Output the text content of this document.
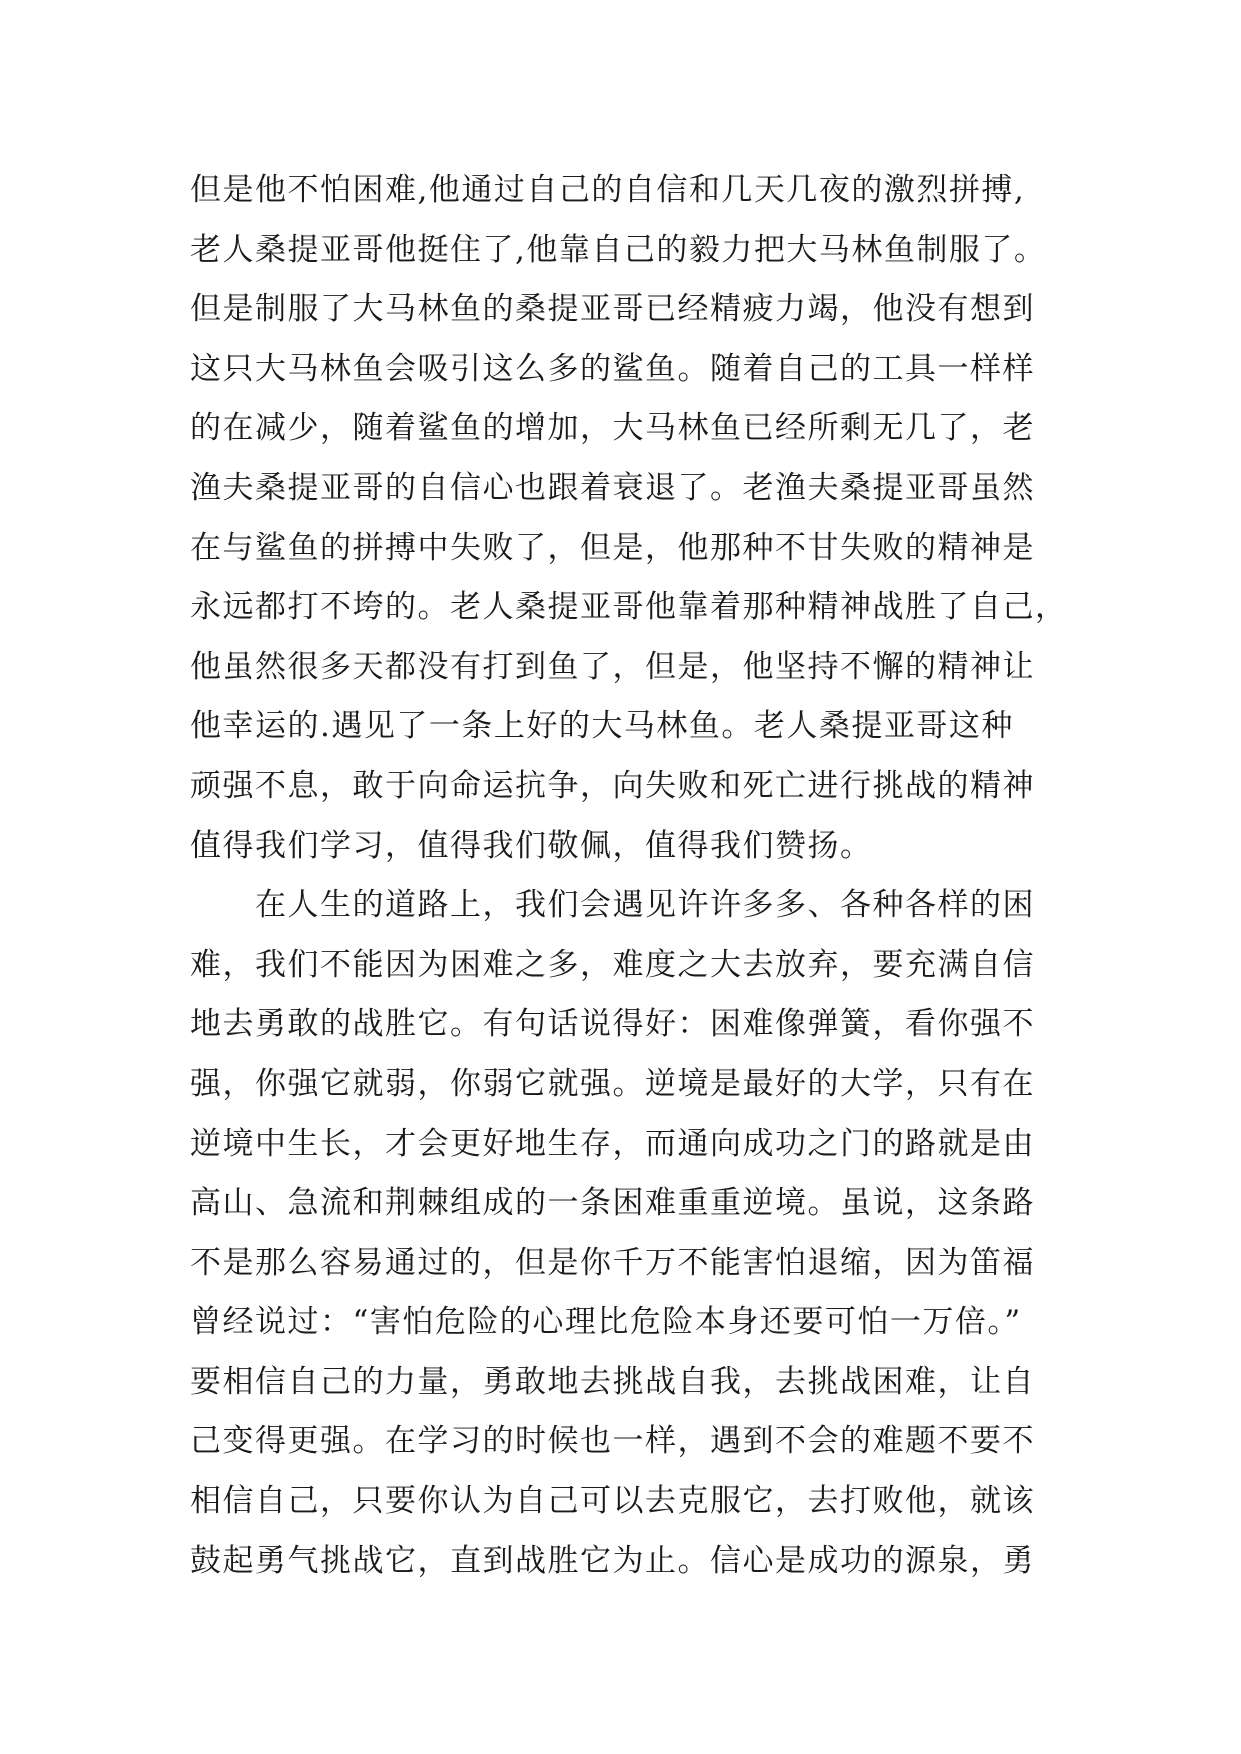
但是他不怕困难,他通过自己的自信和几天几夜的激烈拼搏,
老人桑提亚哥他挺住了,他靠自己的毅力把大马林鱼制服了。
但是制服了大马林鱼的桑提亚哥已经精疲力竭，他没有想到
这只大马林鱼会吸引这么多的鲨鱼。随着自己的工具一样样
的在减少，随着鲨鱼的增加，大马林鱼已经所剩无几了，老
渔夫桑提亚哥的自信心也跟着衰退了。老渔夫桑提亚哥虽然
在与鲨鱼的拼搏中失败了，但是，他那种不甘失败的精神是
永远都打不垮的。老人桑提亚哥他靠着那种精神战胜了自己，
他虽然很多天都没有打到鱼了，但是，他坚持不懈的精神让
他幸运的.遇见了一条上好的大马林鱼。老人桑提亚哥这种
顽强不息，敢于向命运抗争，向失败和死亡进行挑战的精神
值得我们学习，值得我们敬佩，值得我们赞扬。
　　在人生的道路上，我们会遇见许许多多、各种各样的困
难，我们不能因为困难之多，难度之大去放弃，要充满自信
地去勇敢的战胜它。有句话说得好：困难像弹簧，看你强不
强，你强它就弱，你弱它就强。逆境是最好的大学，只有在
逆境中生长，才会更好地生存，而通向成功之门的路就是由
高山、急流和荆棘组成的一条困难重重逆境。虽说，这条路
不是那么容易通过的，但是你千万不能害怕退缩，因为笛福
曾经说过：“害怕危险的心理比危险本身还要可怕一万倍。”
要相信自己的力量，勇敢地去挑战自我，去挑战困难，让自
己变得更强。在学习的时候也一样，遇到不会的难题不要不
相信自己，只要你认为自己可以去克服它，去打败他，就该
鼓起勇气挑战它，直到战胜它为止。信心是成功的源泉，勇
